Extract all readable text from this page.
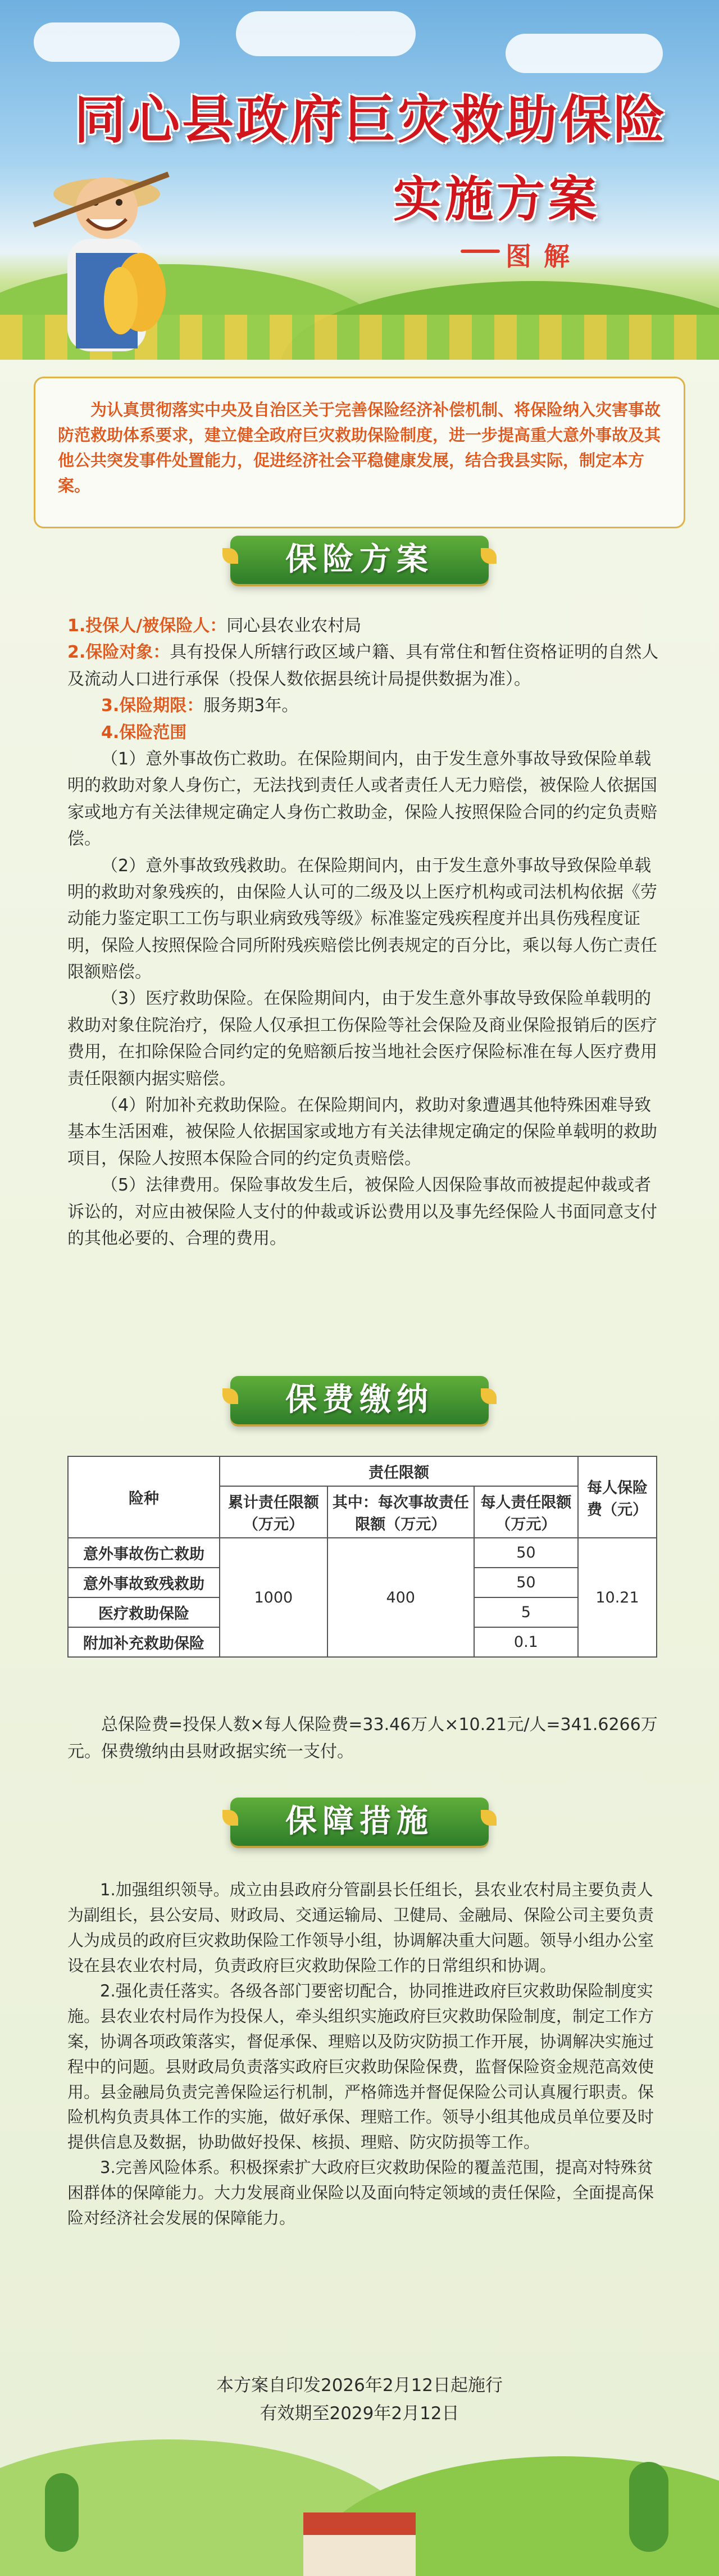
同心县政府巨灾救助保险
实施方案
图解
为认真贯彻落实中央及自治区关于完善保险经济补偿机制、将保险纳入灾害事故防范救助体系要求，建立健全政府巨灾救助保险制度，进一步提高重大意外事故及其他公共突发事件处置能力，促进经济社会平稳健康发展，结合我县实际，制定本方案。
保险方案

1.投保人/被保险人：同心县农业农村局

2.保险对象：具有投保人所辖行政区域户籍、具有常住和暂住资格证明的自然人及流动人口进行承保（投保人数依据县统计局提供数据为准）。

3.保险期限：服务期3年。

4.保险范围

（1）意外事故伤亡救助。在保险期间内，由于发生意外事故导致保险单载明的救助对象人身伤亡，无法找到责任人或者责任人无力赔偿，被保险人依据国家或地方有关法律规定确定人身伤亡救助金，保险人按照保险合同的约定负责赔偿。

（2）意外事故致残救助。在保险期间内，由于发生意外事故导致保险单载明的救助对象残疾的，由保险人认可的二级及以上医疗机构或司法机构依据《劳动能力鉴定职工工伤与职业病致残等级》标准鉴定残疾程度并出具伤残程度证明，保险人按照保险合同所附残疾赔偿比例表规定的百分比，乘以每人伤亡责任限额赔偿。

（3）医疗救助保险。在保险期间内，由于发生意外事故导致保险单载明的救助对象住院治疗，保险人仅承担工伤保险等社会保险及商业保险报销后的医疗费用，在扣除保险合同约定的免赔额后按当地社会医疗保险标准在每人医疗费用责任限额内据实赔偿。

（4）附加补充救助保险。在保险期间内，救助对象遭遇其他特殊困难导致基本生活困难，被保险人依据国家或地方有关法律规定确定的保险单载明的救助项目，保险人按照本保险合同的约定负责赔偿。

（5）法律费用。保险事故发生后，被保险人因保险事故而被提起仲裁或者诉讼的，对应由被保险人支付的仲裁或诉讼费用以及事先经保险人书面同意支付的其他必要的、合理的费用。

保费缴纳
险种	责任限额			每人保险费（元）
	累计责任限额（万元）	其中：每次事故责任限额（万元）	每人责任限额（万元）	
意外事故伤亡救助	1000	400	50	10.21
意外事故致残救助			50	
医疗救助保险			5	
附加补充救助保险			0.1	

总保险费=投保人数×每人保险费=33.46万人×10.21元/人=341.6266万元。保费缴纳由县财政据实统一支付。

保障措施

1.加强组织领导。成立由县政府分管副县长任组长，县农业农村局主要负责人为副组长，县公安局、财政局、交通运输局、卫健局、金融局、保险公司主要负责人为成员的政府巨灾救助保险工作领导小组，协调解决重大问题。领导小组办公室设在县农业农村局，负责政府巨灾救助保险工作的日常组织和协调。

2.强化责任落实。各级各部门要密切配合，协同推进政府巨灾救助保险制度实施。县农业农村局作为投保人，牵头组织实施政府巨灾救助保险制度，制定工作方案，协调各项政策落实，督促承保、理赔以及防灾防损工作开展，协调解决实施过程中的问题。县财政局负责落实政府巨灾救助保险保费，监督保险资金规范高效使用。县金融局负责完善保险运行机制，严格筛选并督促保险公司认真履行职责。保险机构负责具体工作的实施，做好承保、理赔工作。领导小组其他成员单位要及时提供信息及数据，协助做好投保、核损、理赔、防灾防损等工作。

3.完善风险体系。积极探索扩大政府巨灾救助保险的覆盖范围，提高对特殊贫困群体的保障能力。大力发展商业保险以及面向特定领域的责任保险，全面提高保险对经济社会发展的保障能力。

本方案自印发2026年2月12日起施行
有效期至2029年2月12日
